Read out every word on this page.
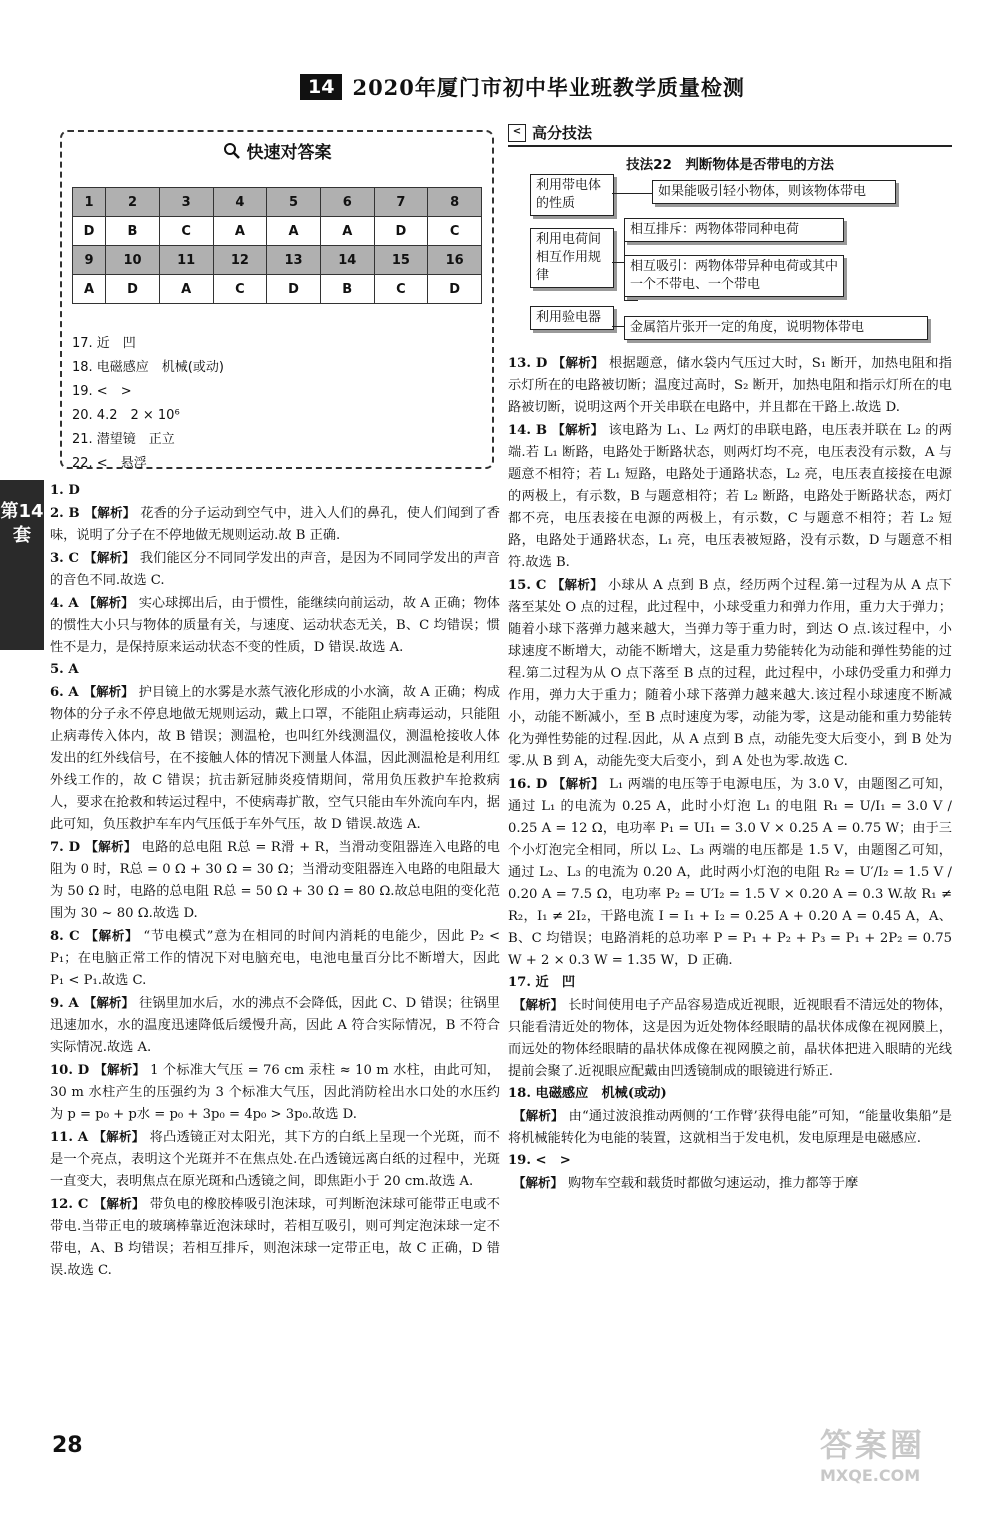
14 2020年厦门市初中毕业班教学质量检测
快速对答案
1	2	3	4	5	6	7	8
D	B	C	A	A	A	D	C
9	10	11	12	13	14	15	16
A	D	A	C	D	B	C	D
17. 近　凹
18. 电磁感应　机械(或动)
19. <　>
20. 4.2　2 × 10⁶
21. 潜望镜　正立
22. <　悬浮
< 高分技法
技法22　判断物体是否带电的方法
利用带电体的性质
如果能吸引轻小物体，则该物体带电
利用电荷间相互作用规律
相互排斥：两物体带同种电荷
相互吸引：两物体带异种电荷或其中一个不带电、一个带电
利用验电器
金属箔片张开一定的角度，说明物体带电
第14套

1. D

2. B 【解析】 花香的分子运动到空气中，进入人们的鼻孔，使人们闻到了香味，说明了分子在不停地做无规则运动.故 B 正确.

3. C 【解析】 我们能区分不同同学发出的声音，是因为不同同学发出的声音的音色不同.故选 C.

4. A 【解析】 实心球掷出后，由于惯性，能继续向前运动，故 A 正确；物体的惯性大小只与物体的质量有关，与速度、运动状态无关，B、C 均错误；惯性不是力，是保持原来运动状态不变的性质，D 错误.故选 A.

5. A

6. A 【解析】 护目镜上的水雾是水蒸气液化形成的小水滴，故 A 正确；构成物体的分子永不停息地做无规则运动，戴上口罩，不能阻止病毒运动，只能阻止病毒传入体内，故 B 错误；测温枪，也叫红外线测温仪，测温枪接收人体发出的红外线信号，在不接触人体的情况下测量人体温，因此测温枪是利用红外线工作的，故 C 错误；抗击新冠肺炎疫情期间，常用负压救护车抢救病人，要求在抢救和转运过程中，不使病毒扩散，空气只能由车外流向车内，据此可知，负压救护车车内气压低于车外气压，故 D 错误.故选 A.

7. D 【解析】 电路的总电阻 R总 = R滑 + R，当滑动变阻器连入电路的电阻为 0 时，R总 = 0 Ω + 30 Ω = 30 Ω；当滑动变阻器连入电路的电阻最大为 50 Ω 时，电路的总电阻 R总 = 50 Ω + 30 Ω = 80 Ω.故总电阻的变化范围为 30 ~ 80 Ω.故选 D.

8. C 【解析】 “节电模式”意为在相同的时间内消耗的电能少，因此 P₂ < P₁；在电脑正常工作的情况下对电脑充电，电池电量百分比不断增大，因此 P₁ < P₁.故选 C.

9. A 【解析】 往锅里加水后，水的沸点不会降低，因此 C、D 错误；往锅里迅速加水，水的温度迅速降低后缓慢升高，因此 A 符合实际情况，B 不符合实际情况.故选 A.

10. D 【解析】 1 个标准大气压 = 76 cm 汞柱 ≈ 10 m 水柱，由此可知，30 m 水柱产生的压强约为 3 个标准大气压，因此消防栓出水口处的水压约为 p = p₀ + p水 = p₀ + 3p₀ = 4p₀ > 3p₀.故选 D.

11. A 【解析】 将凸透镜正对太阳光，其下方的白纸上呈现一个光斑，而不是一个亮点，表明这个光斑并不在焦点处.在凸透镜远离白纸的过程中，光斑一直变大，表明焦点在原光斑和凸透镜之间，即焦距小于 20 cm.故选 A.

12. C 【解析】 带负电的橡胶棒吸引泡沫球，可判断泡沫球可能带正电或不带电.当带正电的玻璃棒靠近泡沫球时，若相互吸引，则可判定泡沫球一定不带电，A、B 均错误；若相互排斥，则泡沫球一定带正电，故 C 正确，D 错误.故选 C.

13. D 【解析】 根据题意，储水袋内气压过大时，S₁ 断开，加热电阻和指示灯所在的电路被切断；温度过高时，S₂ 断开，加热电阻和指示灯所在的电路被切断，说明这两个开关串联在电路中，并且都在干路上.故选 D.

14. B 【解析】 该电路为 L₁、L₂ 两灯的串联电路，电压表并联在 L₂ 的两端.若 L₁ 断路，电路处于断路状态，则两灯均不亮，电压表没有示数，A 与题意不相符；若 L₁ 短路，电路处于通路状态，L₂ 亮，电压表直接接在电源的两极上，有示数，B 与题意相符；若 L₂ 断路，电路处于断路状态，两灯都不亮，电压表接在电源的两极上，有示数，C 与题意不相符；若 L₂ 短路，电路处于通路状态，L₁ 亮，电压表被短路，没有示数，D 与题意不相符.故选 B.

15. C 【解析】 小球从 A 点到 B 点，经历两个过程.第一过程为从 A 点下落至某处 O 点的过程，此过程中，小球受重力和弹力作用，重力大于弹力；随着小球下落弹力越来越大，当弹力等于重力时，到达 O 点.该过程中，小球速度不断增大，动能不断增大，这是重力势能转化为动能和弹性势能的过程.第二过程为从 O 点下落至 B 点的过程，此过程中，小球仍受重力和弹力作用，弹力大于重力；随着小球下落弹力越来越大.该过程小球速度不断减小，动能不断减小，至 B 点时速度为零，动能为零，这是动能和重力势能转化为弹性势能的过程.因此，从 A 点到 B 点，动能先变大后变小，到 B 处为零.从 B 到 A，动能先变大后变小，到 A 处也为零.故选 C.

16. D 【解析】 L₁ 两端的电压等于电源电压，为 3.0 V，由题图乙可知，通过 L₁ 的电流为 0.25 A，此时小灯泡 L₁ 的电阻 R₁ = U/I₁ = 3.0 V / 0.25 A = 12 Ω，电功率 P₁ = UI₁ = 3.0 V × 0.25 A = 0.75 W；由于三个小灯泡完全相同，所以 L₂、L₃ 两端的电压都是 1.5 V，由题图乙可知，通过 L₂、L₃ 的电流为 0.20 A，此时两小灯泡的电阻 R₂ = U′/I₂ = 1.5 V / 0.20 A = 7.5 Ω，电功率 P₂ = U′I₂ = 1.5 V × 0.20 A = 0.3 W.故 R₁ ≠ R₂，I₁ ≠ 2I₂，干路电流 I = I₁ + I₂ = 0.25 A + 0.20 A = 0.45 A，A、B、C 均错误；电路消耗的总功率 P = P₁ + P₂ + P₃ = P₁ + 2P₂ = 0.75 W + 2 × 0.3 W = 1.35 W，D 正确.

17. 近　凹

【解析】 长时间使用电子产品容易造成近视眼，近视眼看不清远处的物体，只能看清近处的物体，这是因为近处物体经眼睛的晶状体成像在视网膜上，而远处的物体经眼睛的晶状体成像在视网膜之前，晶状体把进入眼睛的光线提前会聚了.近视眼应配戴由凹透镜制成的眼镜进行矫正.

18. 电磁感应　机械(或动)

【解析】 由“通过波浪推动两侧的‘工作臂’获得电能”可知，“能量收集船”是将机械能转化为电能的装置，这就相当于发电机，发电原理是电磁感应.

19. <　>

【解析】 购物车空载和载货时都做匀速运动，推力都等于摩

28	答案圈
MXQE.COM
